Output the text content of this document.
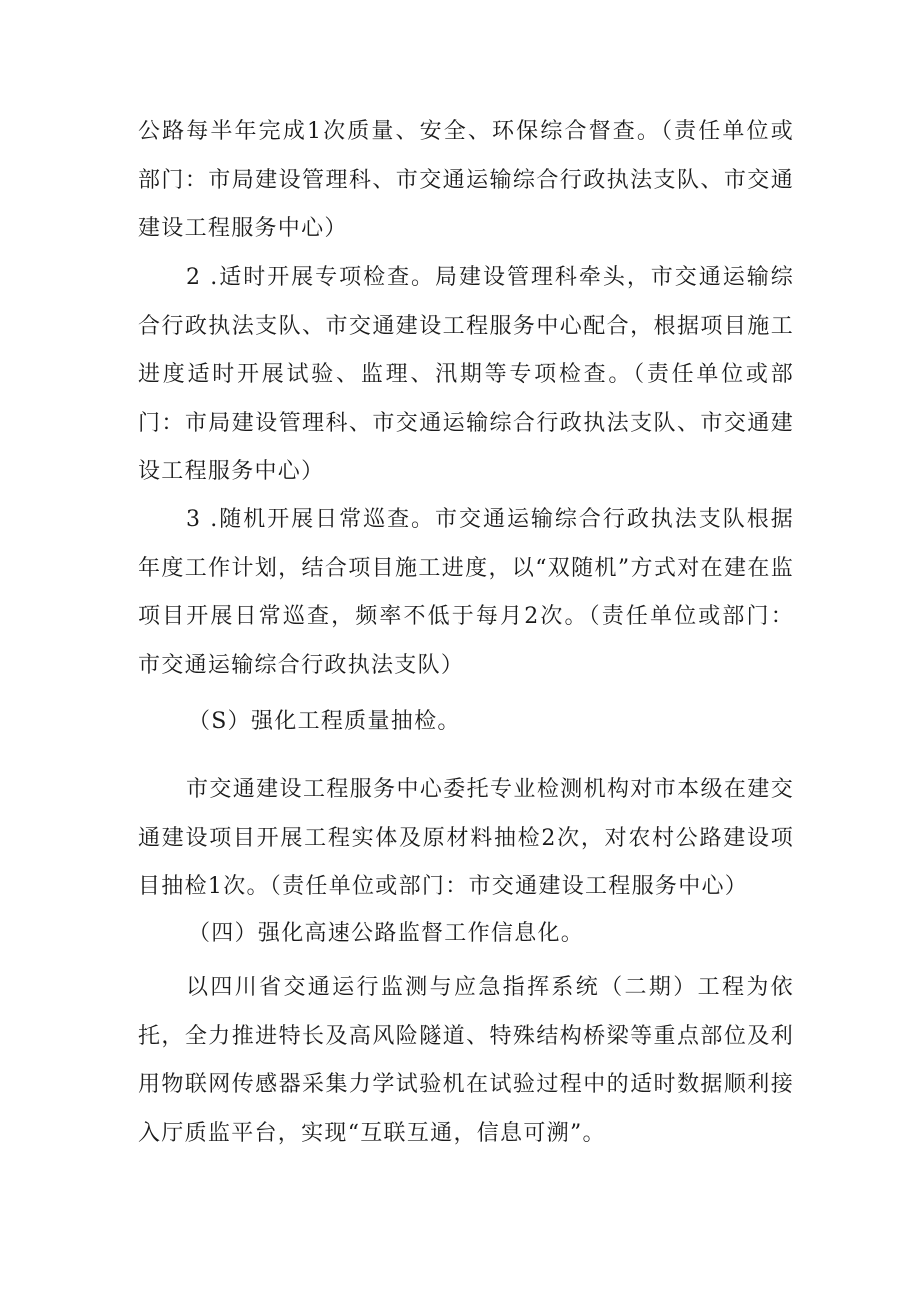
公路每半年完成1次质量、安全、环保综合督查。（责任单位或部门：市局建设管理科、市交通运输综合行政执法支队、市交通建设工程服务中心）

2 .适时开展专项检查。局建设管理科牵头，市交通运输综合行政执法支队、市交通建设工程服务中心配合，根据项目施工进度适时开展试验、监理、汛期等专项检查。（责任单位或部门：市局建设管理科、市交通运输综合行政执法支队、市交通建设工程服务中心）

3 .随机开展日常巡查。市交通运输综合行政执法支队根据年度工作计划，结合项目施工进度，以“双随机”方式对在建在监项目开展日常巡查，频率不低于每月2次。（责任单位或部门：市交通运输综合行政执法支队）

（S）强化工程质量抽检。

市交通建设工程服务中心委托专业检测机构对市本级在建交通建设项目开展工程实体及原材料抽检2次，对农村公路建设项目抽检1次。（责任单位或部门：市交通建设工程服务中心）

（四）强化高速公路监督工作信息化。

以四川省交通运行监测与应急指挥系统（二期）工程为依托，全力推进特长及高风险隧道、特殊结构桥梁等重点部位及利用物联网传感器采集力学试验机在试验过程中的适时数据顺利接入厅质监平台，实现“互联互通，信息可溯”。
